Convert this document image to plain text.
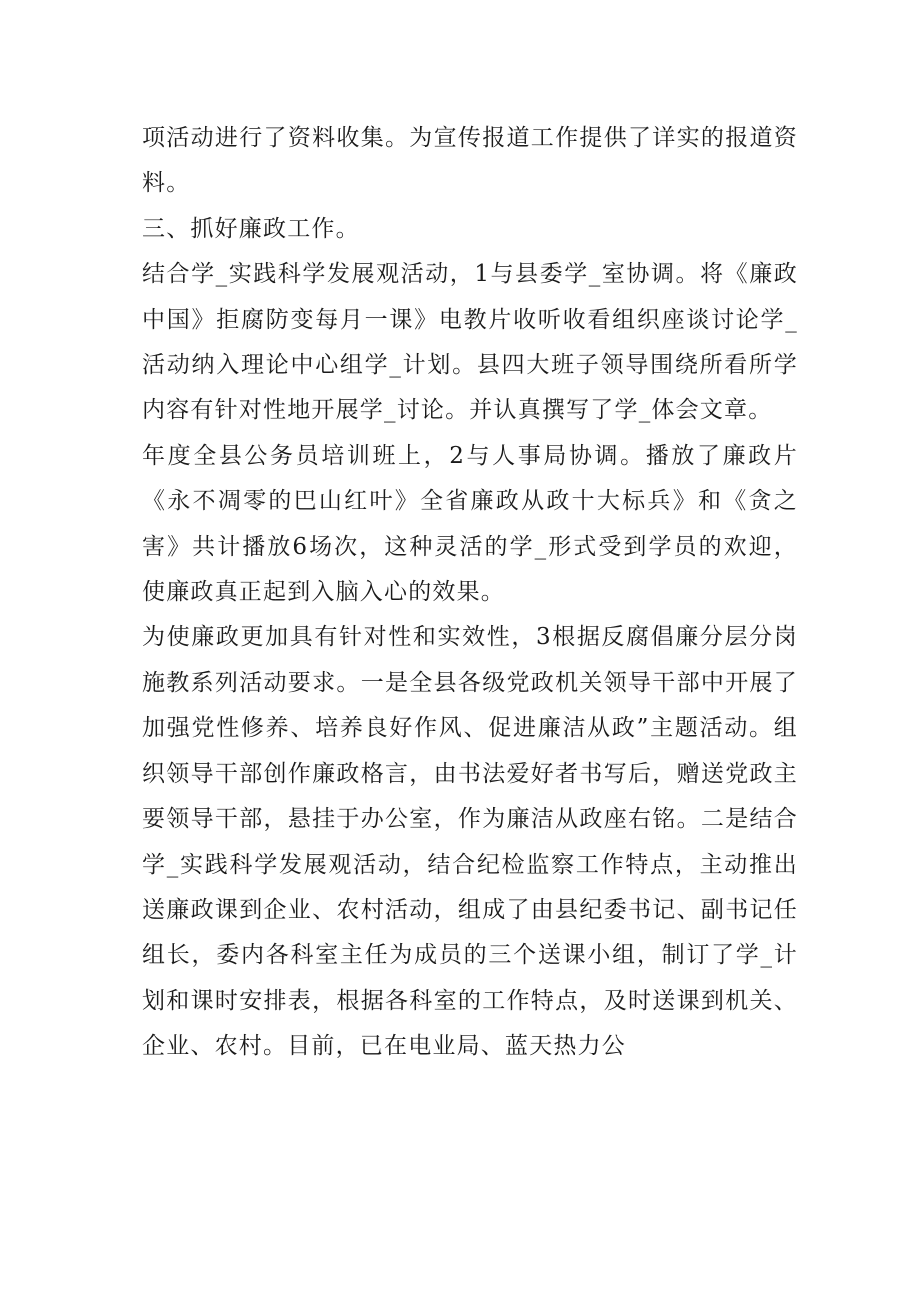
项活动进行了资料收集。为宣传报道工作提供了详实的报道资料。

三、抓好廉政工作。

结合学_实践科学发展观活动，1与县委学_室协调。将《廉政中国》拒腐防变每月一课》电教片收听收看组织座谈讨论学_活动纳入理论中心组学_计划。县四大班子领导围绕所看所学内容有针对性地开展学_讨论。并认真撰写了学_体会文章。

年度全县公务员培训班上，2与人事局协调。播放了廉政片《永不凋零的巴山红叶》全省廉政从政十大标兵》和《贪之害》共计播放6场次，这种灵活的学_形式受到学员的欢迎，使廉政真正起到入脑入心的效果。

为使廉政更加具有针对性和实效性，3根据反腐倡廉分层分岗施教系列活动要求。一是全县各级党政机关领导干部中开展了加强党性修养、培养良好作风、促进廉洁从政”主题活动。组织领导干部创作廉政格言，由书法爱好者书写后，赠送党政主要领导干部，悬挂于办公室，作为廉洁从政座右铭。二是结合学_实践科学发展观活动，结合纪检监察工作特点，主动推出送廉政课到企业、农村活动，组成了由县纪委书记、副书记任组长，委内各科室主任为成员的三个送课小组，制订了学_计划和课时安排表，根据各科室的工作特点，及时送课到机关、企业、农村。目前，已在电业局、蓝天热力公
